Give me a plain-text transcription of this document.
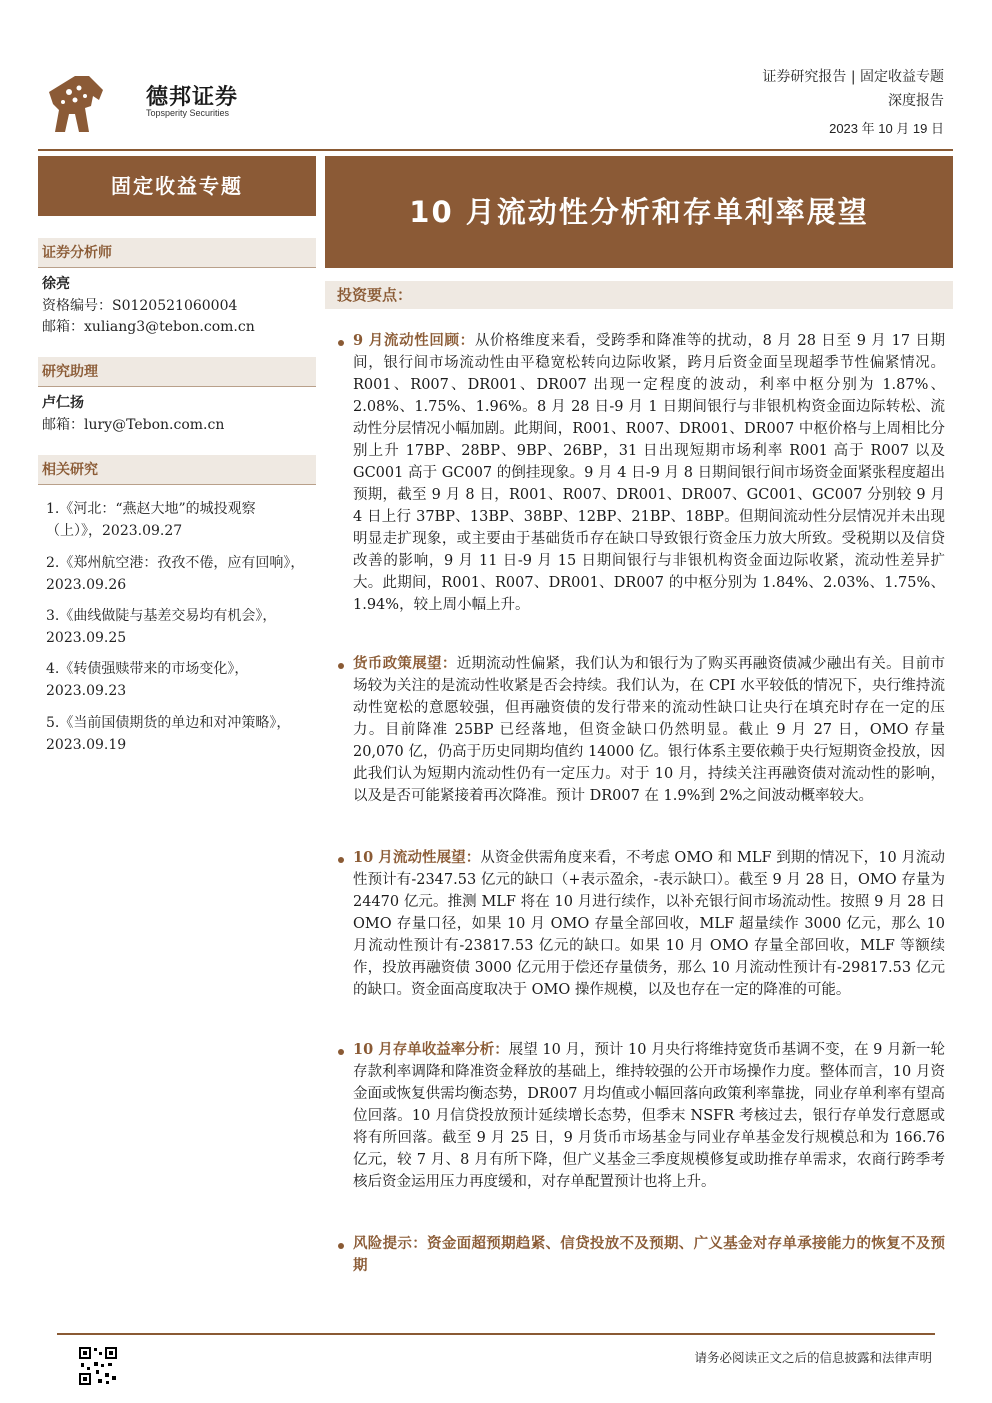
德邦证券
Topsperity Securities
证券研究报告 | 固定收益专题
深度报告
2023 年 10 月 19 日
固定收益专题
10 月流动性分析和存单利率展望
证券分析师
徐亮
资格编号：S0120521060004
邮箱：xuliang3@tebon.com.cn
研究助理
卢仁扬
邮箱：lury@Tebon.com.cn
相关研究
1.《河北：“燕赵大地”的城投观察（上）》，2023.09.27
2.《郑州航空港：孜孜不倦，应有回响》，2023.09.26
3.《曲线做陡与基差交易均有机会》，2023.09.25
4.《转债强赎带来的市场变化》，2023.09.23
5.《当前国债期货的单边和对冲策略》，2023.09.19
投资要点：
9 月流动性回顾：从价格维度来看，受跨季和降准等的扰动，8 月 28 日至 9 月 17 日期间，银行间市场流动性由平稳宽松转向边际收紧，跨月后资金面呈现超季节性偏紧情况。R001、R007、DR001、DR007 出现一定程度的波动，利率中枢分别为 1.87%、2.08%、1.75%、1.96%。8 月 28 日-9 月 1 日期间银行与非银机构资金面边际转松、流动性分层情况小幅加剧。此期间，R001、R007、DR001、DR007 中枢价格与上周相比分别上升 17BP、28BP、9BP、26BP，31 日出现短期市场利率 R001 高于 R007 以及 GC001 高于 GC007 的倒挂现象。9 月 4 日-9 月 8 日期间银行间市场资金面紧张程度超出预期，截至 9 月 8 日，R001、R007、DR001、DR007、GC001、GC007 分别较 9 月 4 日上行 37BP、13BP、38BP、12BP、21BP、18BP。但期间流动性分层情况并未出现明显走扩现象，或主要由于基础货币存在缺口导致银行资金压力放大所致。受税期以及信贷改善的影响，9 月 11 日-9 月 15 日期间银行与非银机构资金面边际收紧，流动性差异扩大。此期间，R001、R007、DR001、DR007 的中枢分别为 1.84%、2.03%、1.75%、1.94%，较上周小幅上升。
货币政策展望：近期流动性偏紧，我们认为和银行为了购买再融资债减少融出有关。目前市场较为关注的是流动性收紧是否会持续。我们认为，在 CPI 水平较低的情况下，央行维持流动性宽松的意愿较强，但再融资债的发行带来的流动性缺口让央行在填充时存在一定的压力。目前降准 25BP 已经落地，但资金缺口仍然明显。截止 9 月 27 日，OMO 存量 20,070 亿，仍高于历史同期均值约 14000 亿。银行体系主要依赖于央行短期资金投放，因此我们认为短期内流动性仍有一定压力。对于 10 月，持续关注再融资债对流动性的影响，以及是否可能紧接着再次降准。预计 DR007 在 1.9%到 2%之间波动概率较大。
10 月流动性展望：从资金供需角度来看，不考虑 OMO 和 MLF 到期的情况下，10 月流动性预计有-2347.53 亿元的缺口（+表示盈余，-表示缺口）。截至 9 月 28 日，OMO 存量为 24470 亿元。推测 MLF 将在 10 月进行续作，以补充银行间市场流动性。按照 9 月 28 日 OMO 存量口径，如果 10 月 OMO 存量全部回收，MLF 超量续作 3000 亿元，那么 10 月流动性预计有-23817.53 亿元的缺口。如果 10 月 OMO 存量全部回收，MLF 等额续作，投放再融资债 3000 亿元用于偿还存量债务，那么 10 月流动性预计有-29817.53 亿元的缺口。资金面高度取决于 OMO 操作规模，以及也存在一定的降准的可能。
10 月存单收益率分析：展望 10 月，预计 10 月央行将维持宽货币基调不变，在 9 月新一轮存款利率调降和降准资金释放的基础上，维持较强的公开市场操作力度。整体而言，10 月资金面或恢复供需均衡态势，DR007 月均值或小幅回落向政策利率靠拢，同业存单利率有望高位回落。10 月信贷投放预计延续增长态势，但季末 NSFR 考核过去，银行存单发行意愿或将有所回落。截至 9 月 25 日，9 月货币市场基金与同业存单基金发行规模总和为 166.76 亿元，较 7 月、8 月有所下降，但广义基金三季度规模修复或助推存单需求，农商行跨季考核后资金运用压力再度缓和，对存单配置预计也将上升。
风险提示：资金面超预期趋紧、信贷投放不及预期、广义基金对存单承接能力的恢复不及预期
请务必阅读正文之后的信息披露和法律声明
